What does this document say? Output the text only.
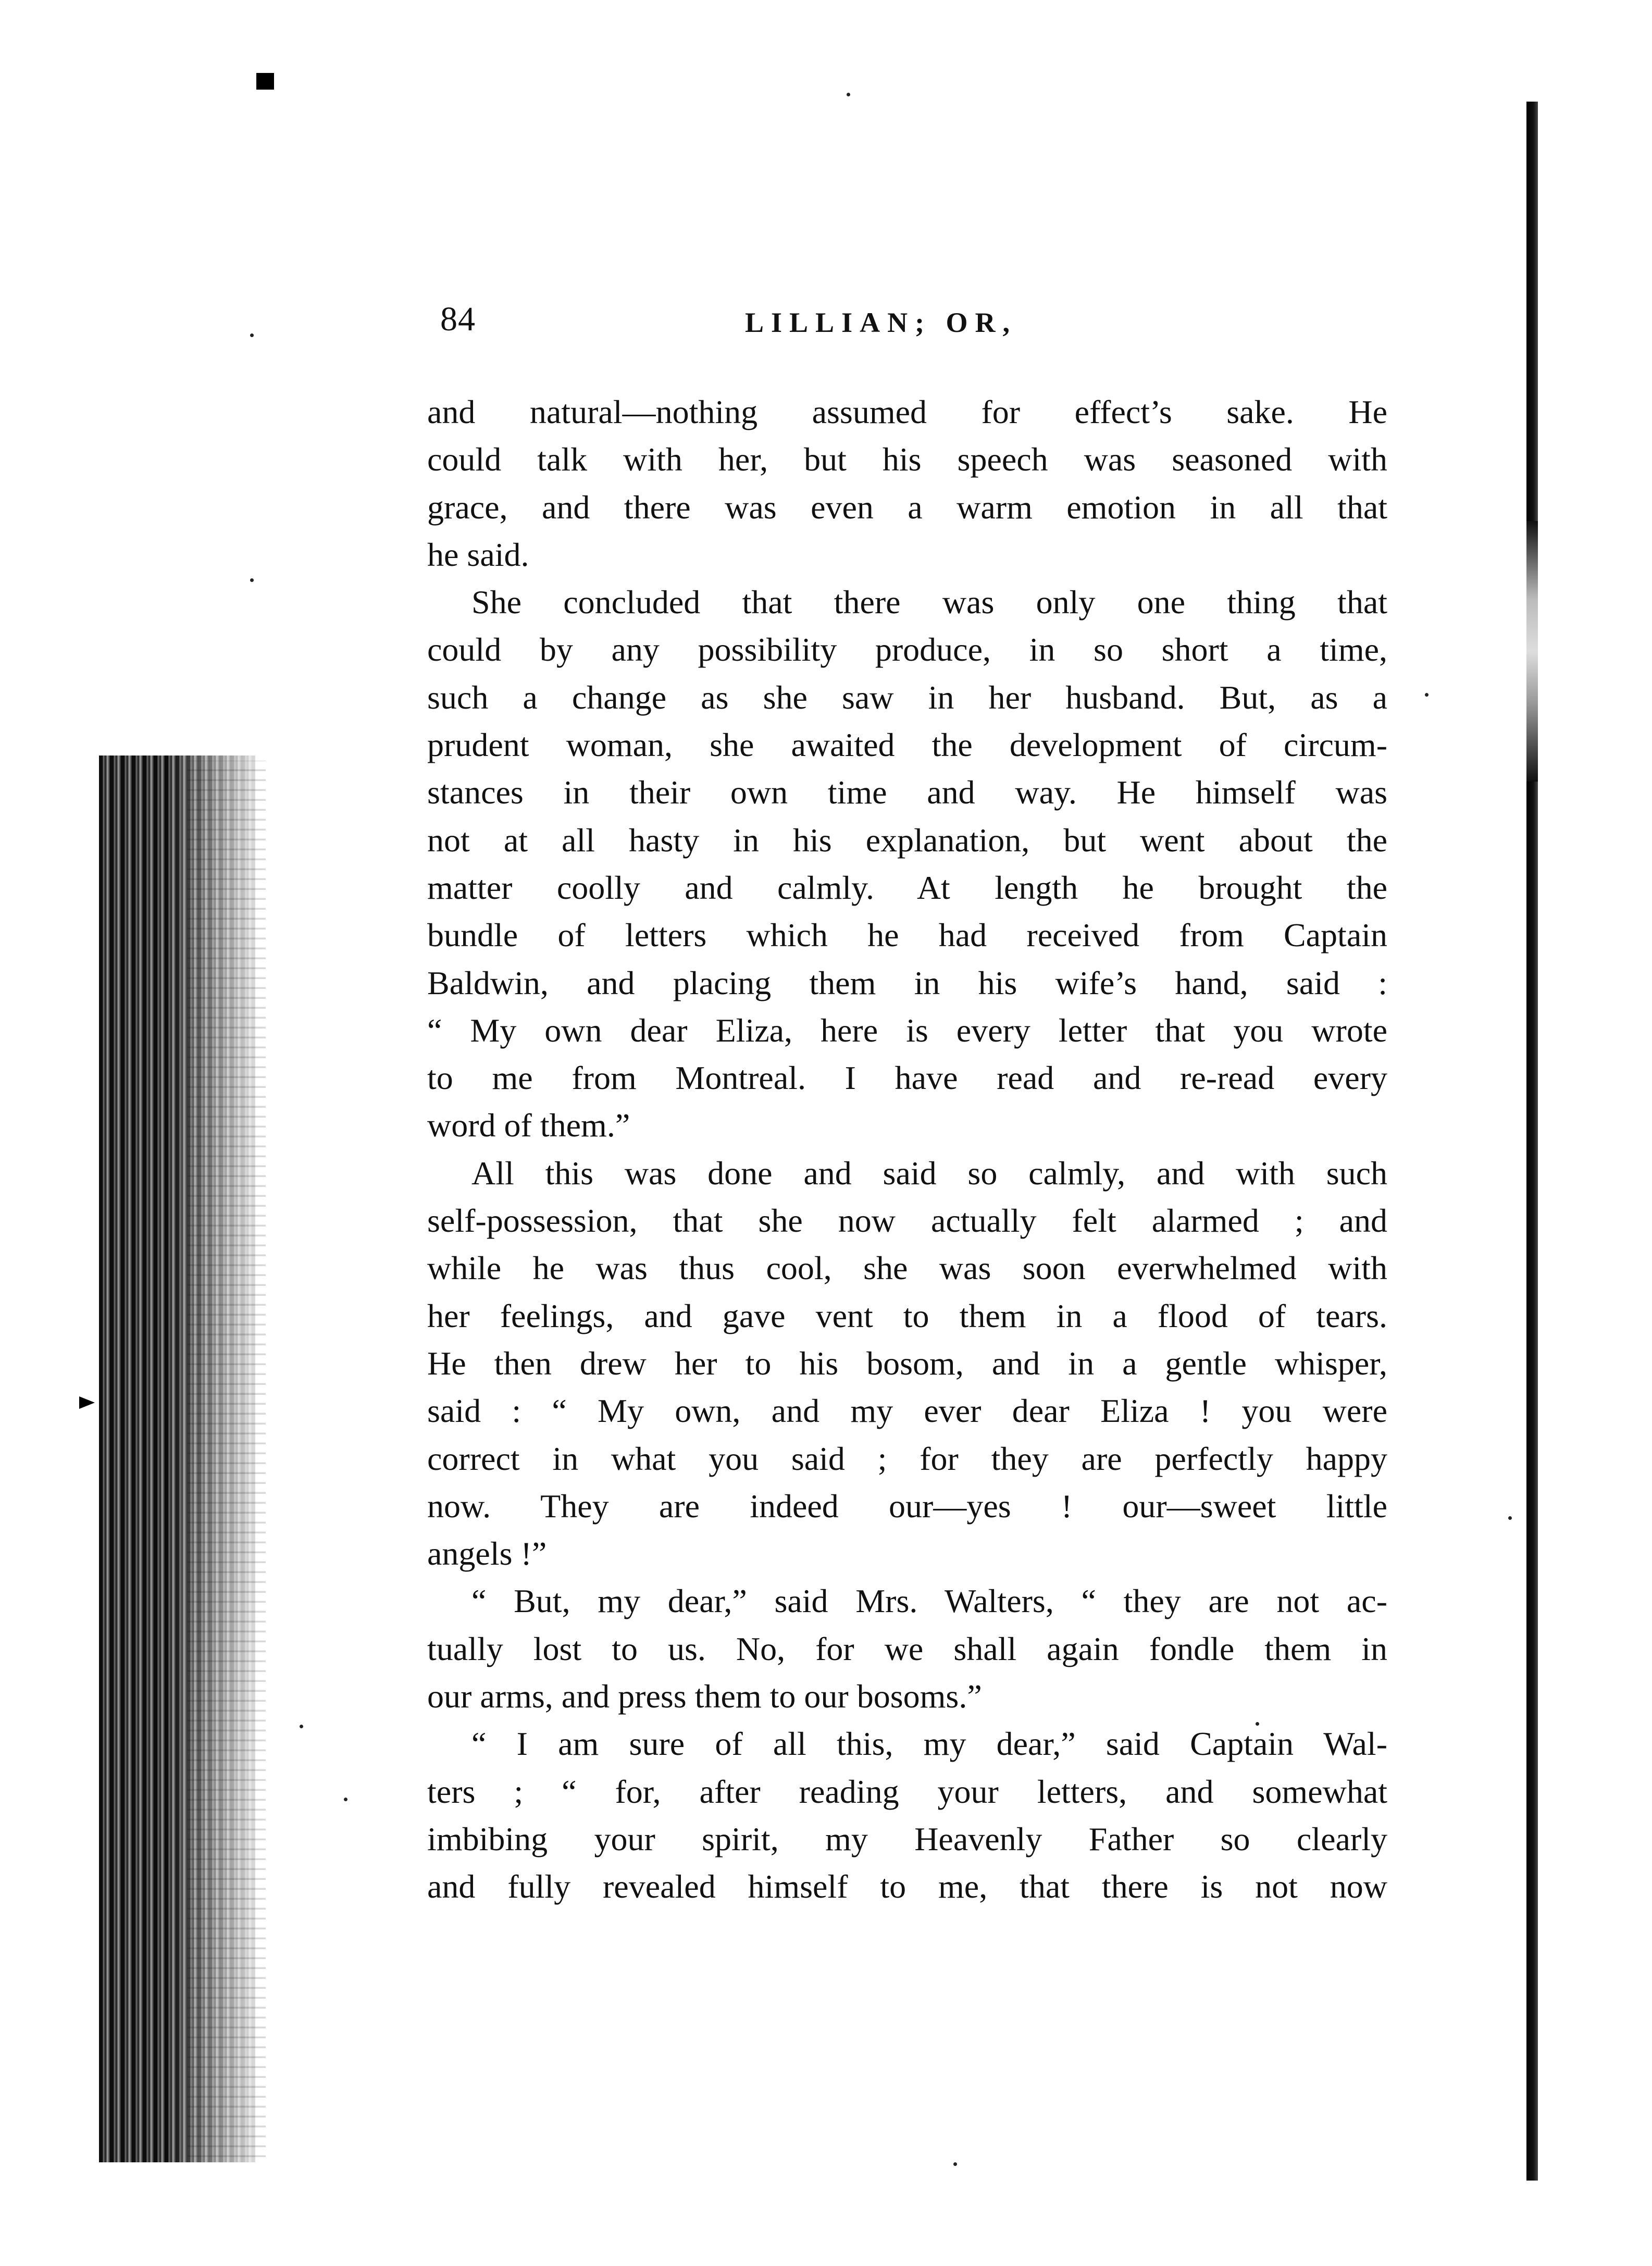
84	LILLIAN; OR,
and natural—nothing assumed for effect’s sake. He
could talk with her, but his speech was seasoned with
grace, and there was even a warm emotion in all that
he said.
She concluded that there was only one thing that
could by any possibility produce, in so short a time,
such a change as she saw in her husband. But, as a
prudent woman, she awaited the development of circum-
stances in their own time and way. He himself was
not at all hasty in his explanation, but went about the
matter coolly and calmly. At length he brought the
bundle of letters which he had received from Captain
Baldwin, and placing them in his wife’s hand, said :
“ My own dear Eliza, here is every letter that you wrote
to me from Montreal. I have read and re-read every
word of them.”
All this was done and said so calmly, and with such
self-possession, that she now actually felt alarmed ; and
while he was thus cool, she was soon everwhelmed with
her feelings, and gave vent to them in a flood of tears.
He then drew her to his bosom, and in a gentle whisper,
said : “ My own, and my ever dear Eliza ! you were
correct in what you said ; for they are perfectly happy
now. They are indeed our—yes ! our—sweet little
angels !”
“ But, my dear,” said Mrs. Walters, “ they are not ac-
tually lost to us. No, for we shall again fondle them in
our arms, and press them to our bosoms.”
“ I am sure of all this, my dear,” said Captain Wal-
ters ; “ for, after reading your letters, and somewhat
imbibing your spirit, my Heavenly Father so clearly
and fully revealed himself to me, that there is not now
